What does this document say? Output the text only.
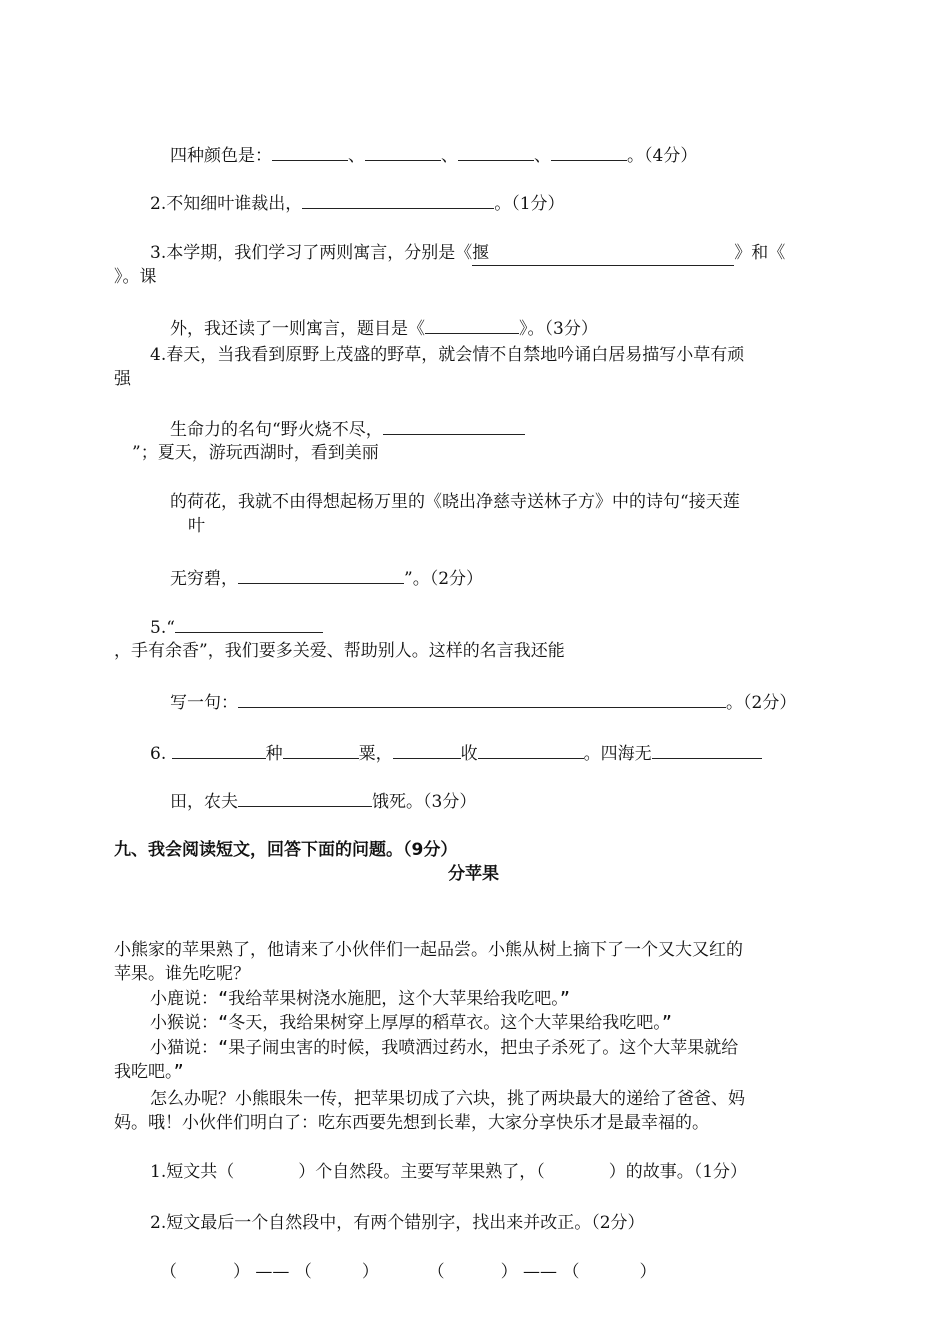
四种颜色是：	、	、	、	。（4分）
2.不知细叶谁裁出，	。（1分）
3.本学期，我们学习了两则寓言，分别是《揠	》和《
》。课
外，我还读了一则寓言，题目是《	》。（3分）
4.春天，当我看到原野上茂盛的野草，就会情不自禁地吟诵白居易描写小草有顽
强
生命力的名句“野火烧不尽，
”；夏天，游玩西湖时，看到美丽
的荷花，我就不由得想起杨万里的《晓出净慈寺送林子方》中的诗句“接天莲
叶
无穷碧，	”。（2分）
5.“
，手有余香”，我们要多关爱、帮助别人。这样的名言我还能
写一句：	。（2分）
6.	种	粟，	收	。四海无
田，农夫	饿死。（3分）
九、我会阅读短文，回答下面的问题。（9分）
分苹果
小熊家的苹果熟了，他请来了小伙伴们一起品尝。小熊从树上摘下了一个又大又红的
苹果。谁先吃呢？
小鹿说：“我给苹果树浇水施肥，这个大苹果给我吃吧。”
小猴说：“冬天，我给果树穿上厚厚的稻草衣。这个大苹果给我吃吧。”
小猫说：“果子闹虫害的时候，我喷洒过药水，把虫子杀死了。这个大苹果就给
我吃吧。”
怎么办呢？小熊眼朱一传，把苹果切成了六块，挑了两块最大的递给了爸爸、妈
妈。哦！小伙伴们明白了：吃东西要先想到长辈，大家分享快乐才是最幸福的。
1.短文共（	）个自然段。主要写苹果熟了，（	）的故事。（1分）
2.短文最后一个自然段中，有两个错别字，找出来并改正。（2分）
（	） —— （	）	（	） —— （	）
